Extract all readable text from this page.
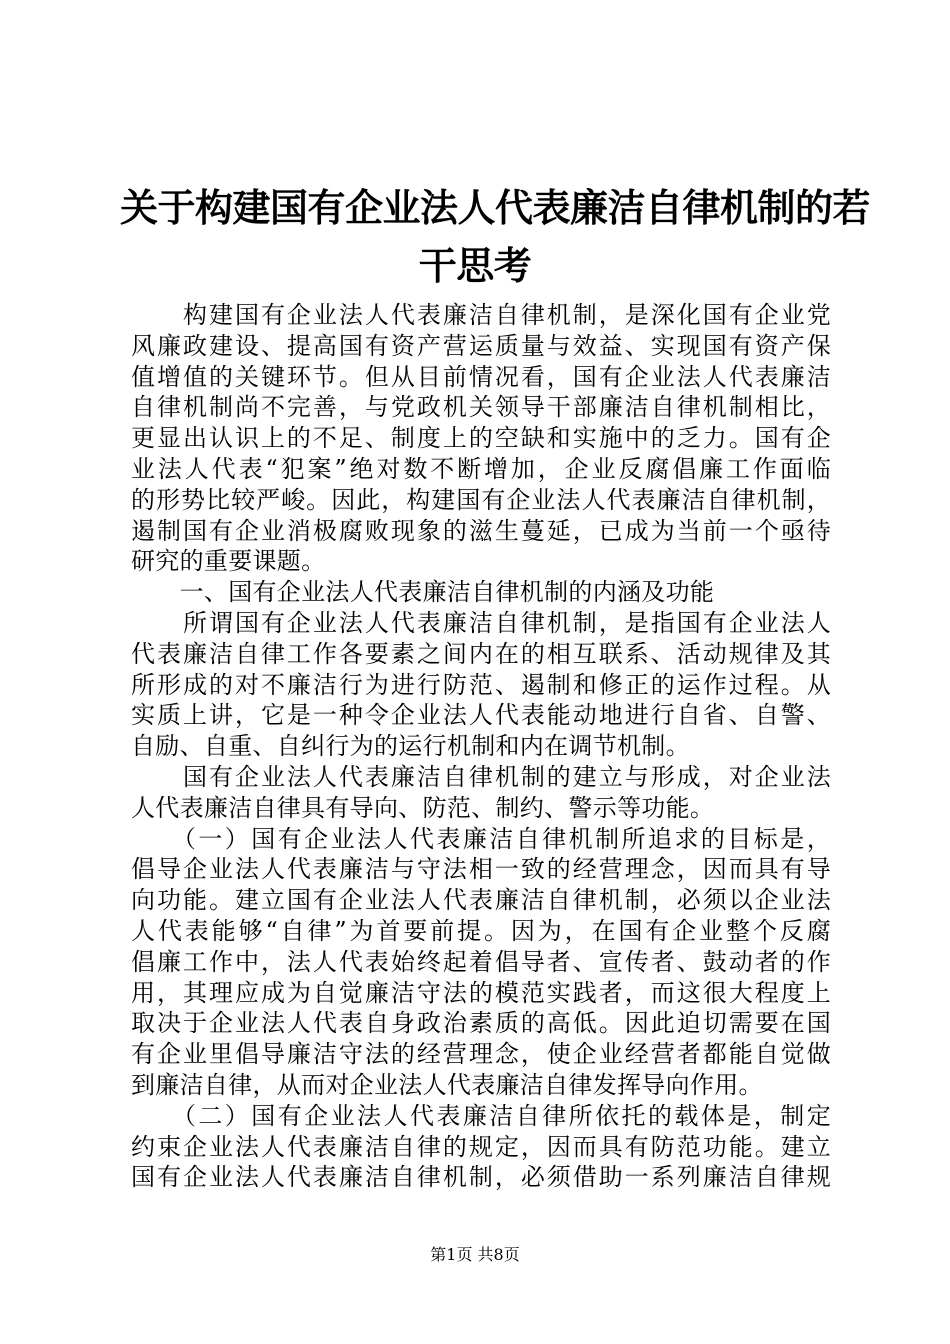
关于构建国有企业法人代表廉洁自律机制的若
干思考
　　构建国有企业法人代表廉洁自律机制，是深化国有企业党
风廉政建设、提高国有资产营运质量与效益、实现国有资产保
值增值的关键环节。但从目前情况看，国有企业法人代表廉洁
自律机制尚不完善，与党政机关领导干部廉洁自律机制相比，
更显出认识上的不足、制度上的空缺和实施中的乏力。国有企
业法人代表“犯案”绝对数不断增加，企业反腐倡廉工作面临
的形势比较严峻。因此，构建国有企业法人代表廉洁自律机制，
遏制国有企业消极腐败现象的滋生蔓延，已成为当前一个亟待
研究的重要课题。
　　一、国有企业法人代表廉洁自律机制的内涵及功能
　　所谓国有企业法人代表廉洁自律机制，是指国有企业法人
代表廉洁自律工作各要素之间内在的相互联系、活动规律及其
所形成的对不廉洁行为进行防范、遏制和修正的运作过程。从
实质上讲，它是一种令企业法人代表能动地进行自省、自警、
自励、自重、自纠行为的运行机制和内在调节机制。
　　国有企业法人代表廉洁自律机制的建立与形成，对企业法
人代表廉洁自律具有导向、防范、制约、警示等功能。
　　（一）国有企业法人代表廉洁自律机制所追求的目标是，
倡导企业法人代表廉洁与守法相一致的经营理念，因而具有导
向功能。建立国有企业法人代表廉洁自律机制，必须以企业法
人代表能够“自律”为首要前提。因为，在国有企业整个反腐
倡廉工作中，法人代表始终起着倡导者、宣传者、鼓动者的作
用，其理应成为自觉廉洁守法的模范实践者，而这很大程度上
取决于企业法人代表自身政治素质的高低。因此迫切需要在国
有企业里倡导廉洁守法的经营理念，使企业经营者都能自觉做
到廉洁自律，从而对企业法人代表廉洁自律发挥导向作用。
　　（二）国有企业法人代表廉洁自律所依托的载体是，制定
约束企业法人代表廉洁自律的规定，因而具有防范功能。建立
国有企业法人代表廉洁自律机制，必须借助一系列廉洁自律规
第1页 共8页
